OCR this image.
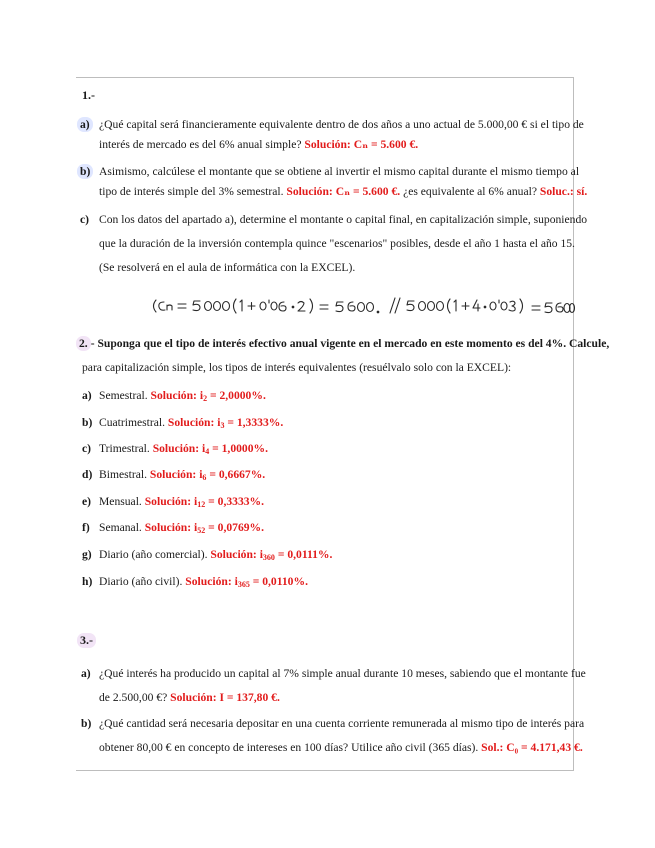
1.-
a) ¿Qué capital será financieramente equivalente dentro de dos años a uno actual de 5.000,00 € si el tipo de
interés de mercado es del 6% anual simple? Solución: Cₙ = 5.600 €.
b) Asimismo, calcúlese el montante que se obtiene al invertir el mismo capital durante el mismo tiempo al
tipo de interés simple del 3% semestral. Solución: Cₙ = 5.600 €. ¿es equivalente al 6% anual? Soluc.: sí.
c) Con los datos del apartado a), determine el montante o capital final, en capitalización simple, suponiendo
que la duración de la inversión contempla quince "escenarios" posibles, desde el año 1 hasta el año 15.
(Se resolverá en el aula de informática con la EXCEL).
2. - Suponga que el tipo de interés efectivo anual vigente en el mercado en este momento es del 4%. Calcule,
para capitalización simple, los tipos de interés equivalentes (resuélvalo solo con la EXCEL):
a) Semestral. Solución: $i_2 = 2,0000\%$.
b) Cuatrimestral. Solución: $i_3 = 1,3333\%$.
c) Trimestral. Solución: $i_4 = 1,0000\%$.
d) Bimestral. Solución: $i_6 = 0,6667\%$.
e) Mensual. Solución: $i_{12} = 0,3333\%$.
f) Semanal. Solución: $i_{52} = 0,0769\%$.
g) Diario (año comercial). Solución: $i_{360} = 0,0111\%$.
h) Diario (año civil). Solución: $i_{365} = 0,0110\%$.
3.-
a) ¿Qué interés ha producido un capital al 7% simple anual durante 10 meses, sabiendo que el montante fue
de 2.500,00 €? Solución: I = 137,80 €.
b) ¿Qué cantidad será necesaria depositar en una cuenta corriente remunerada al mismo tipo de interés para
obtener 80,00 € en concepto de intereses en 100 días? Utilice año civil (365 días). Sol.: C₀ = 4.171,43 €.
